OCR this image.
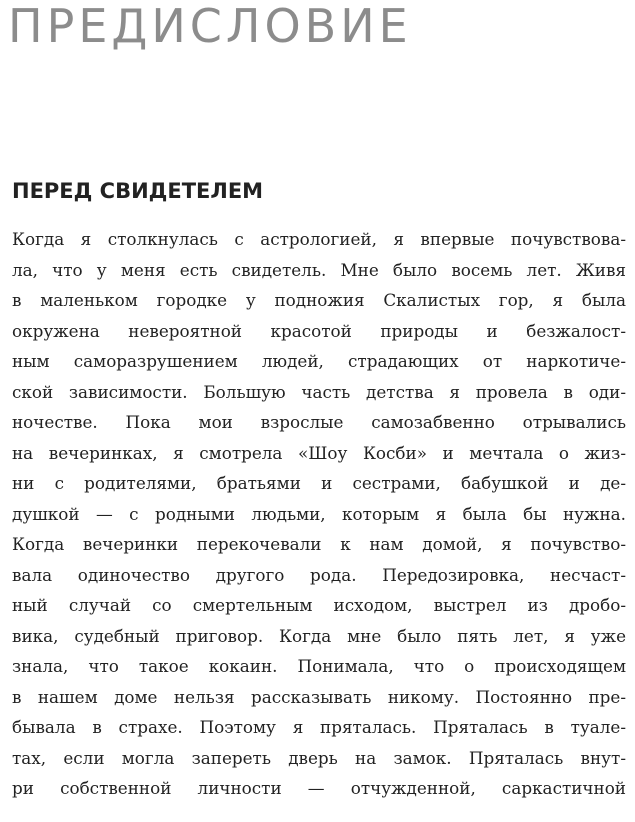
ПРЕДИСЛОВИЕ
ПЕРЕД СВИДЕТЕЛЕМ
Когда я столкнулась с астрологией, я впервые почувствова-
ла, что у меня есть свидетель. Мне было восемь лет. Живя
в маленьком городке у подножия Скалистых гор, я была
окружена невероятной красотой природы и безжалост-
ным саморазрушением людей, страдающих от наркотиче-
ской зависимости. Большую часть детства я провела в оди-
ночестве. Пока мои взрослые самозабвенно отрывались
на вечеринках, я смотрела «Шоу Косби» и мечтала о жиз-
ни с родителями, братьями и сестрами, бабушкой и де-
душкой — с родными людьми, которым я была бы нужна.
Когда вечеринки перекочевали к нам домой, я почувство-
вала одиночество другого рода. Передозировка, несчаст-
ный случай со смертельным исходом, выстрел из дробо-
вика, судебный приговор. Когда мне было пять лет, я уже
знала, что такое кокаин. Понимала, что о происходящем
в нашем доме нельзя рассказывать никому. Постоянно пре-
бывала в страхе. Поэтому я пряталась. Пряталась в туале-
тах, если могла запереть дверь на замок. Пряталась внут-
ри собственной личности — отчужденной, саркастичной
